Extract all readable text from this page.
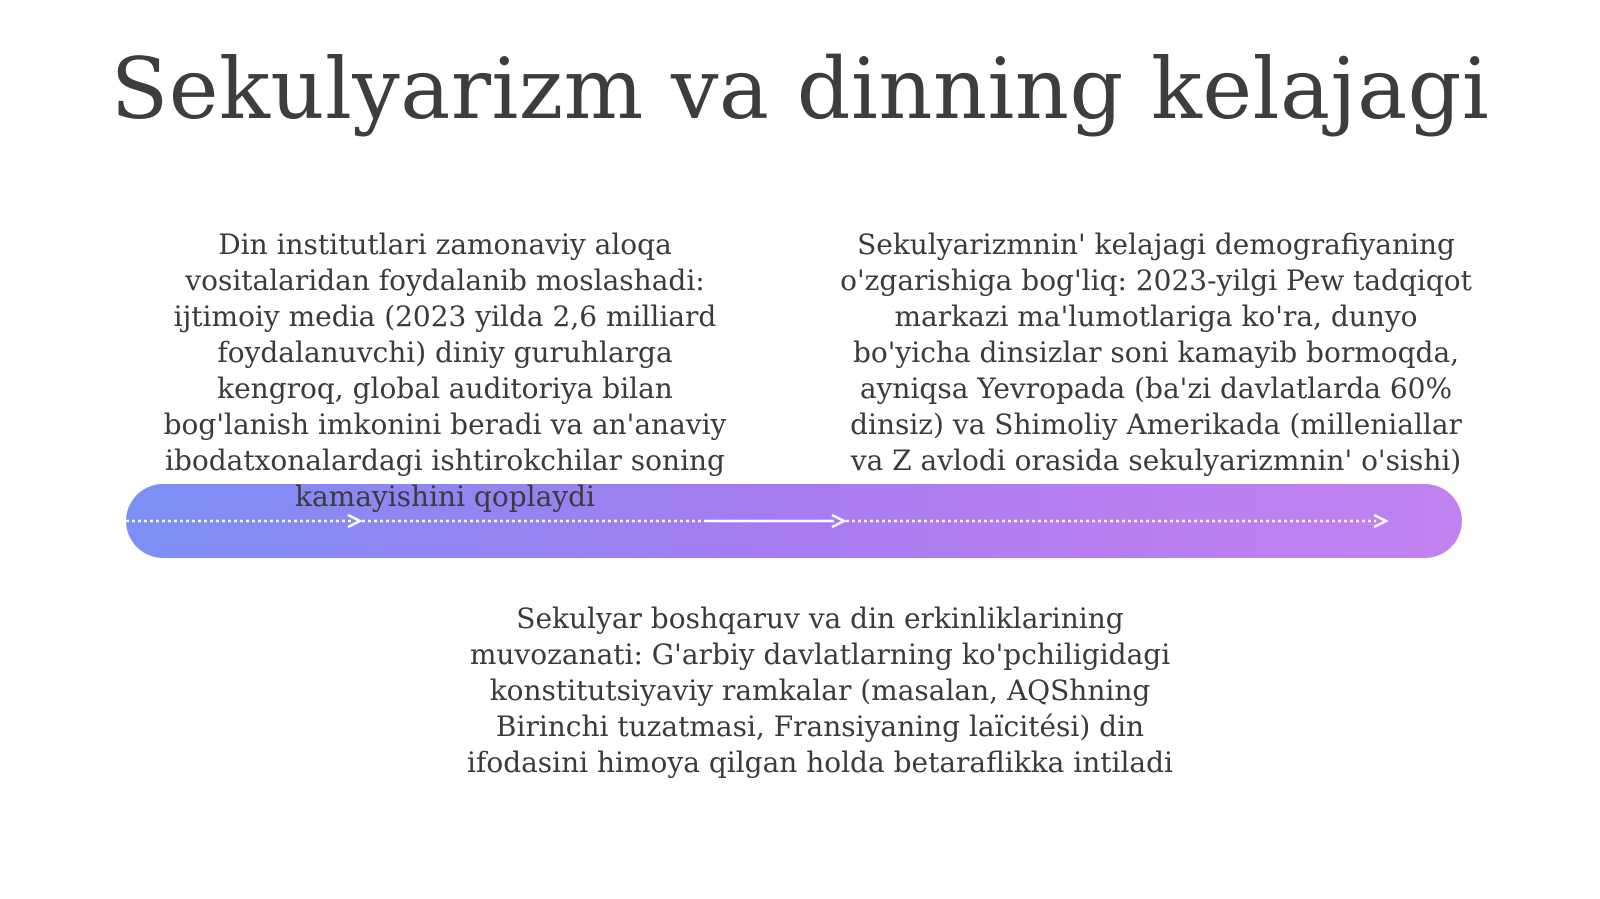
Sekulyarizm va dinning kelajagi
Din institutlari zamonaviy aloqa vositalaridan foydalanib moslashadi: ijtimoiy media (2023 yilda 2,6 milliard foydalanuvchi) diniy guruhlarga kengroq, global auditoriya bilan bog'lanish imkonini beradi va an'anaviy ibodatxonalardagi ishtirokchilar soning kamayishini qoplaydi
Sekulyarizmnin' kelajagi demografiyaning o'zgarishiga bog'liq: 2023-yilgi Pew tadqiqot markazi ma'lumotlariga ko'ra, dunyo bo'yicha dinsizlar soni kamayib bormoqda, ayniqsa Yevropada (ba'zi davlatlarda 60% dinsiz) va Shimoliy Amerikada (milleniallar va Z avlodi orasida sekulyarizmnin' o'sishi)
Sekulyar boshqaruv va din erkinliklarining muvozanati: G'arbiy davlatlarning ko'pchiligidagi konstitutsiyaviy ramkalar (masalan, AQShning Birinchi tuzatmasi, Fransiyaning laïcitési) din ifodasini himoya qilgan holda betaraflikka intiladi
